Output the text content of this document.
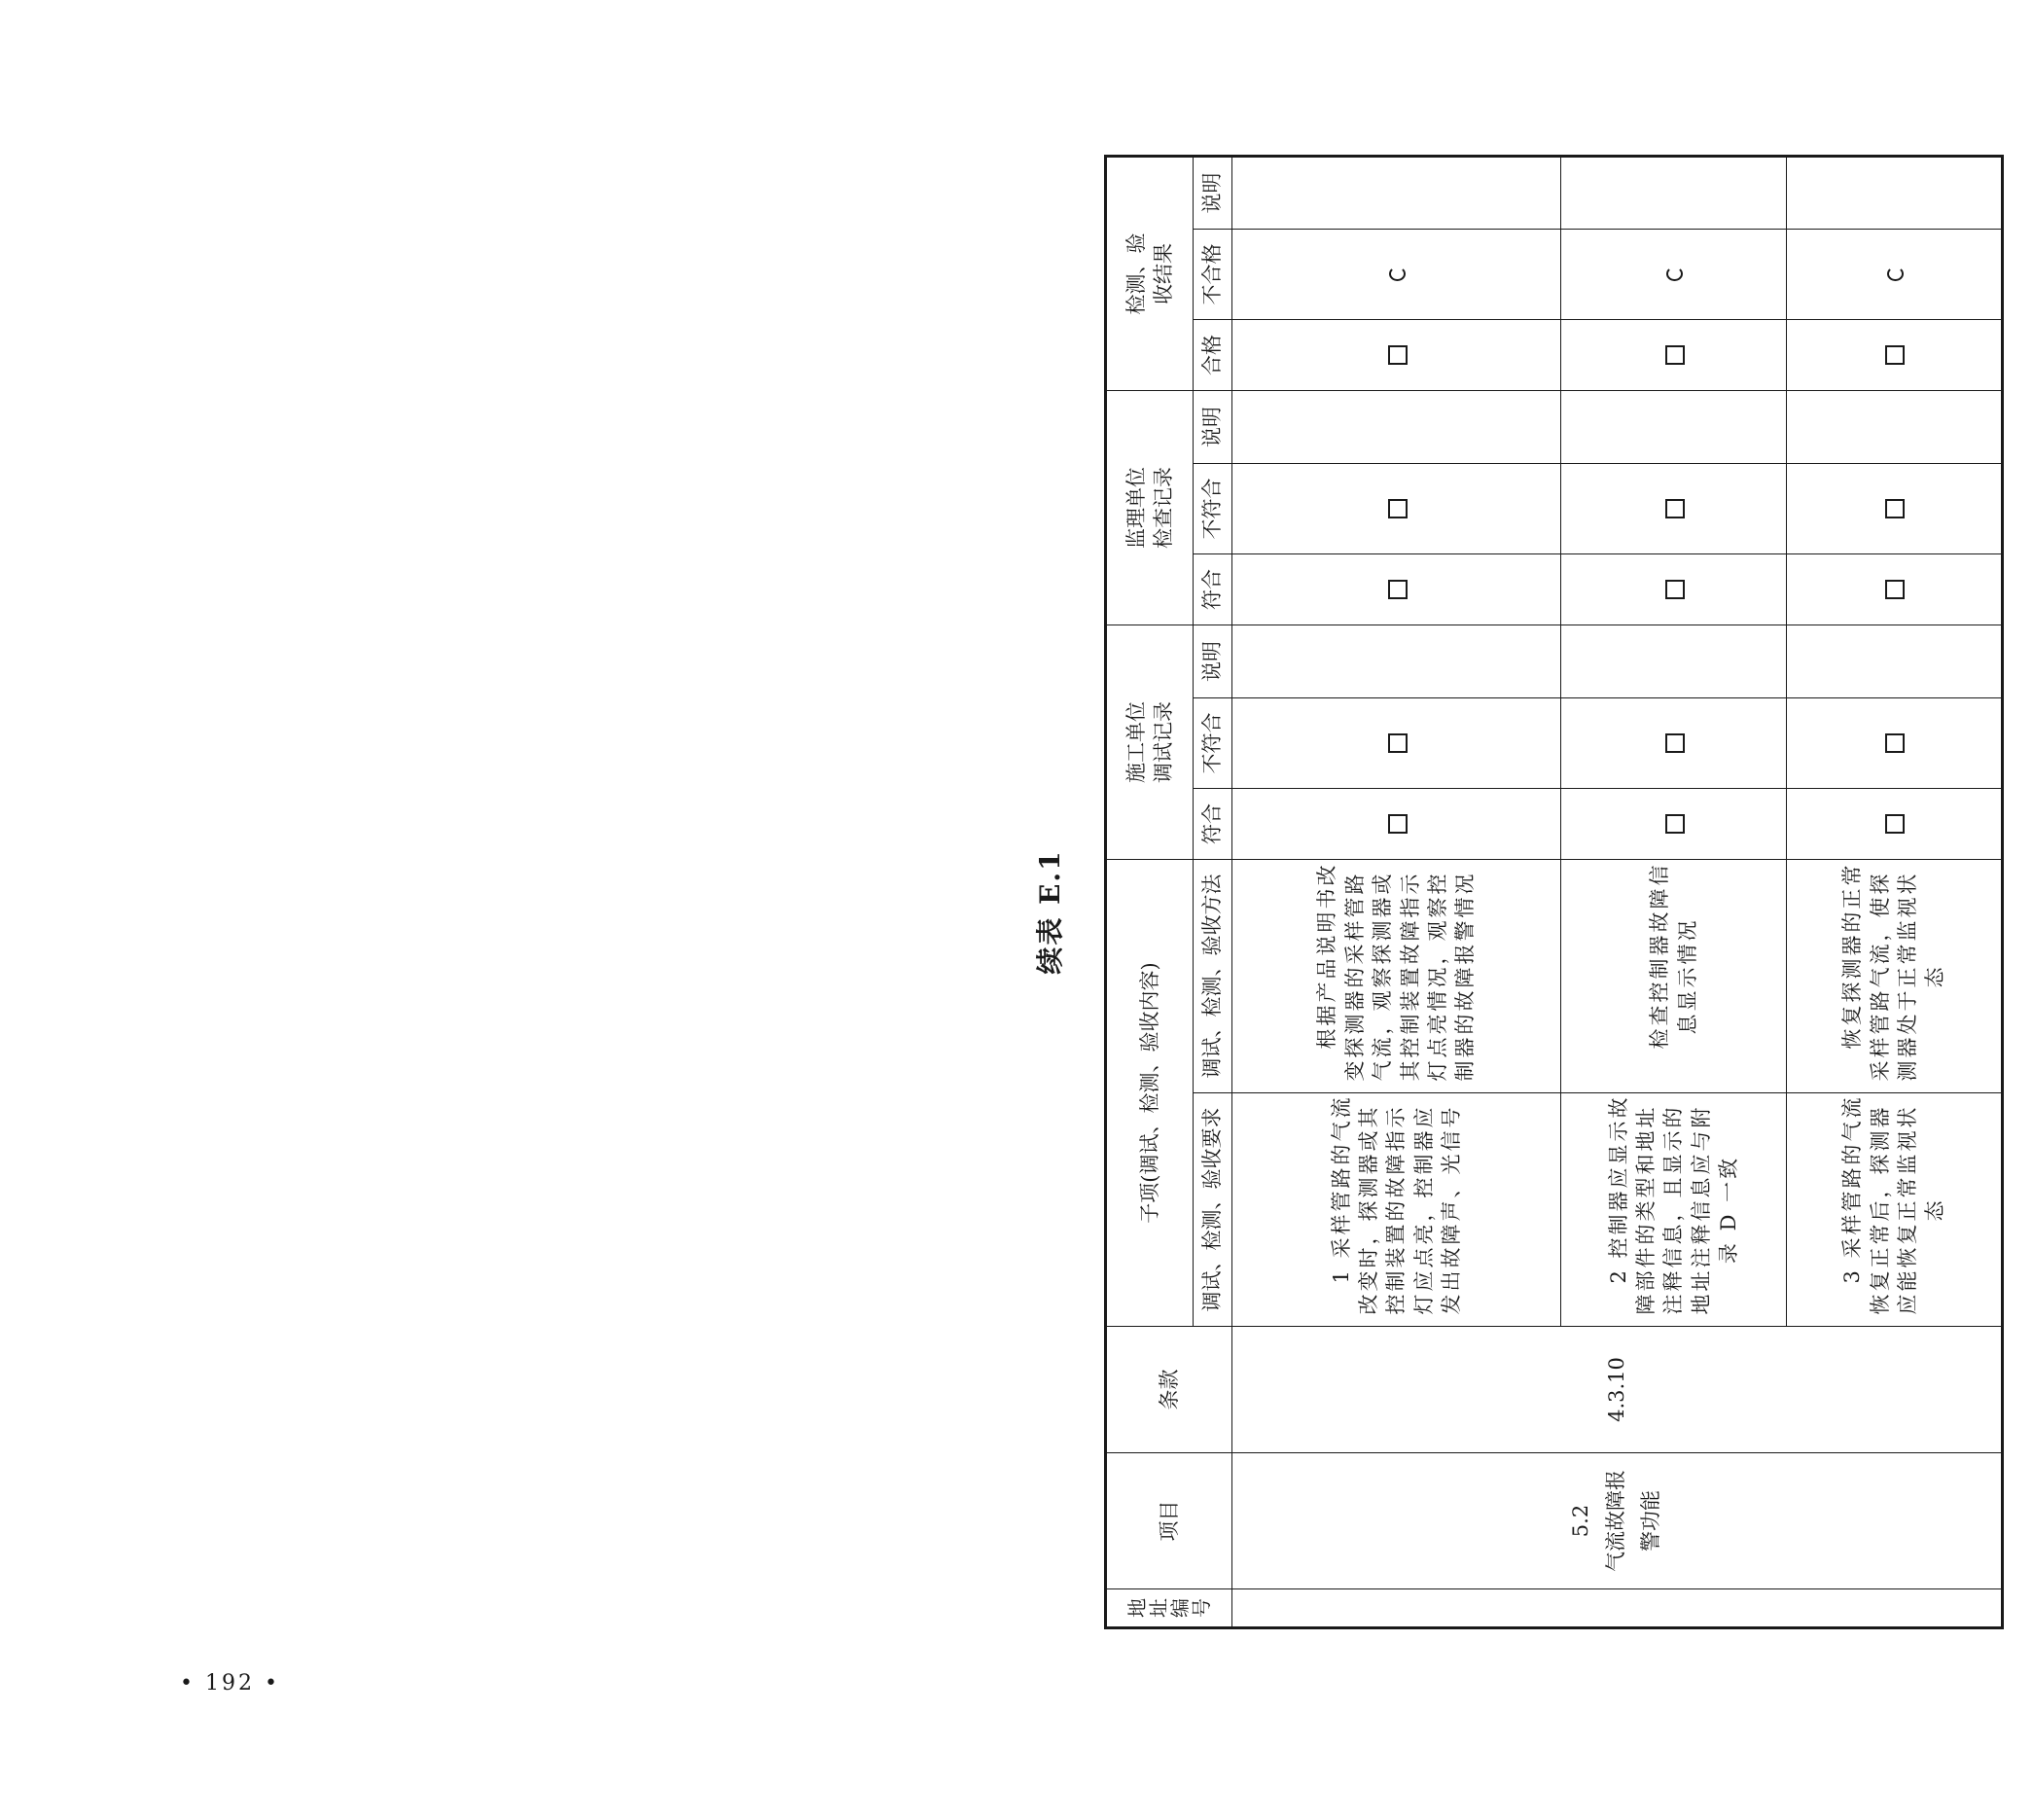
续表 E.1
地址编号	项目	条款	子项(调试、检测、验收内容)		施工单位调试记录			监理单位检查记录			检测、验收结果		
			调试、检测、验收要求	调试、检测、验收方法	符合	不符合	说明	符合	不符合	说明	合格	不合格	说明

	5.2 气流故障报警功能	4.3.10	1 采样管路的气流改变时，探测器或其控制装置的故障指示灯应点亮，控制器应发出故障声、光信号	根据产品说明书改变探测器的采样管路气流，观察探测器或其控制装置故障指示灯点亮情况，观察控制器的故障报警情况									

			2 控制器应显示故障部件的类型和地址注释信息，且显示的地址注释信息应与附录 D 一致	检查控制器故障信息显示情况									

			3 采样管路的气流恢复正常后，探测器应能恢复正常监视状态	恢复探测器的正常采样管路气流，使探测器处于正常监视状态									

• 192 •
